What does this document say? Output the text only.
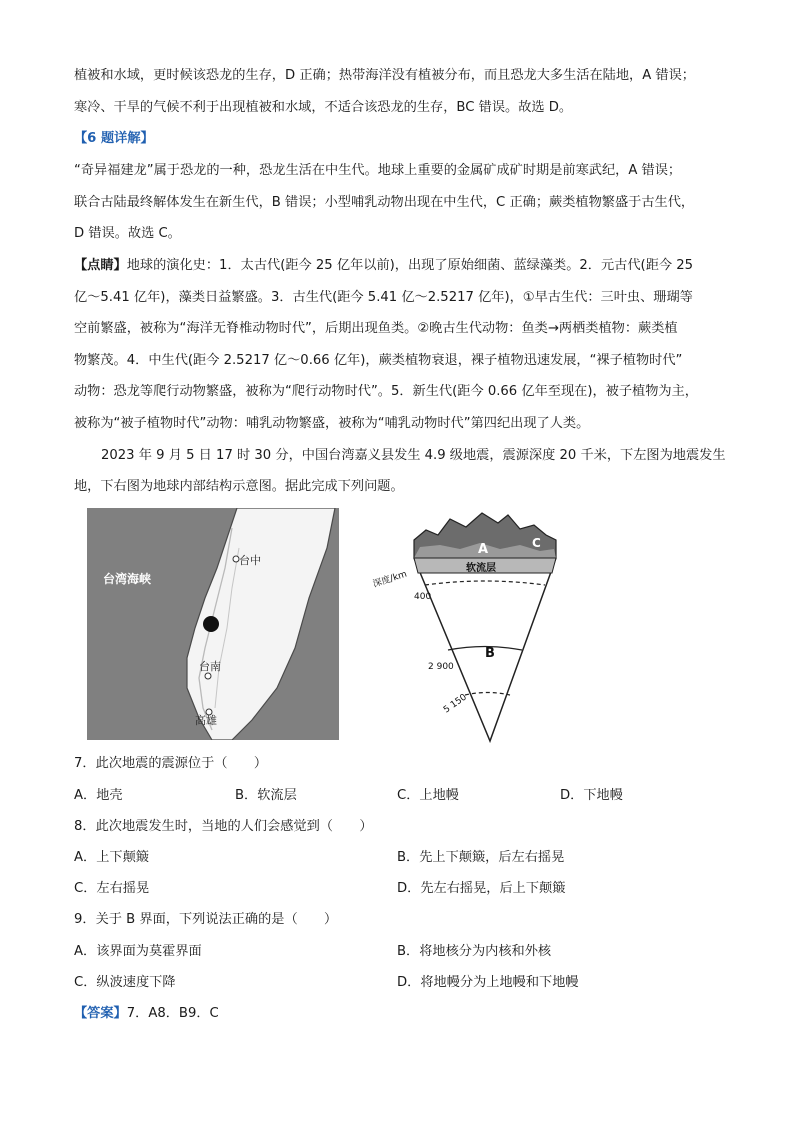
植被和水域，更时候该恐龙的生存，D 正确；热带海洋没有植被分布，而且恐龙大多生活在陆地，A 错误；
寒冷、干旱的气候不利于出现植被和水域，不适合该恐龙的生存，BC 错误。故选 D。
【6 题详解】
“奇异福建龙”属于恐龙的一种，恐龙生活在中生代。地球上重要的金属矿成矿时期是前寒武纪，A 错误；
联合古陆最终解体发生在新生代，B 错误；小型哺乳动物出现在中生代，C 正确；蕨类植物繁盛于古生代，
D 错误。故选 C。
【点睛】地球的演化史：1．太古代(距今 25 亿年以前)，出现了原始细菌、蓝绿藻类。2．元古代(距今 25
亿～5.41 亿年)，藻类日益繁盛。3．古生代(距今 5.41 亿～2.5217 亿年)，①早古生代：三叶虫、珊瑚等
空前繁盛，被称为“海洋无脊椎动物时代”，后期出现鱼类。②晚古生代动物：鱼类→两栖类植物：蕨类植
物繁茂。4．中生代(距今 2.5217 亿～0.66 亿年)，蕨类植物衰退，裸子植物迅速发展，“裸子植物时代”
动物：恐龙等爬行动物繁盛，被称为“爬行动物时代”。5．新生代(距今 0.66 亿年至现在)，被子植物为主，
被称为“被子植物时代”动物：哺乳动物繁盛，被称为“哺乳动物时代”第四纪出现了人类。
2023 年 9 月 5 日 17 时 30 分，中国台湾嘉义县发生 4.9 级地震，震源深度 20 千米，下左图为地震发生
地，下右图为地球内部结构示意图。据此完成下列问题。
台湾海峡
台中
台南
高雄
A	C
软流层
深度/km
400
B
2 900
5 150
7．此次地震的震源位于（　　）
A．地壳	B．软流层	C．上地幔	D．下地幔
8．此次地震发生时，当地的人们会感觉到（　　）
A．上下颠簸	B．先上下颠簸，后左右摇晃
C．左右摇晃	D．先左右摇晃，后上下颠簸
9．关于 B 界面，下列说法正确的是（　　）
A．该界面为莫霍界面	B．将地核分为内核和外核
C．纵波速度下降	D．将地幔分为上地幔和下地幔
【答案】7．A8．B9．C
